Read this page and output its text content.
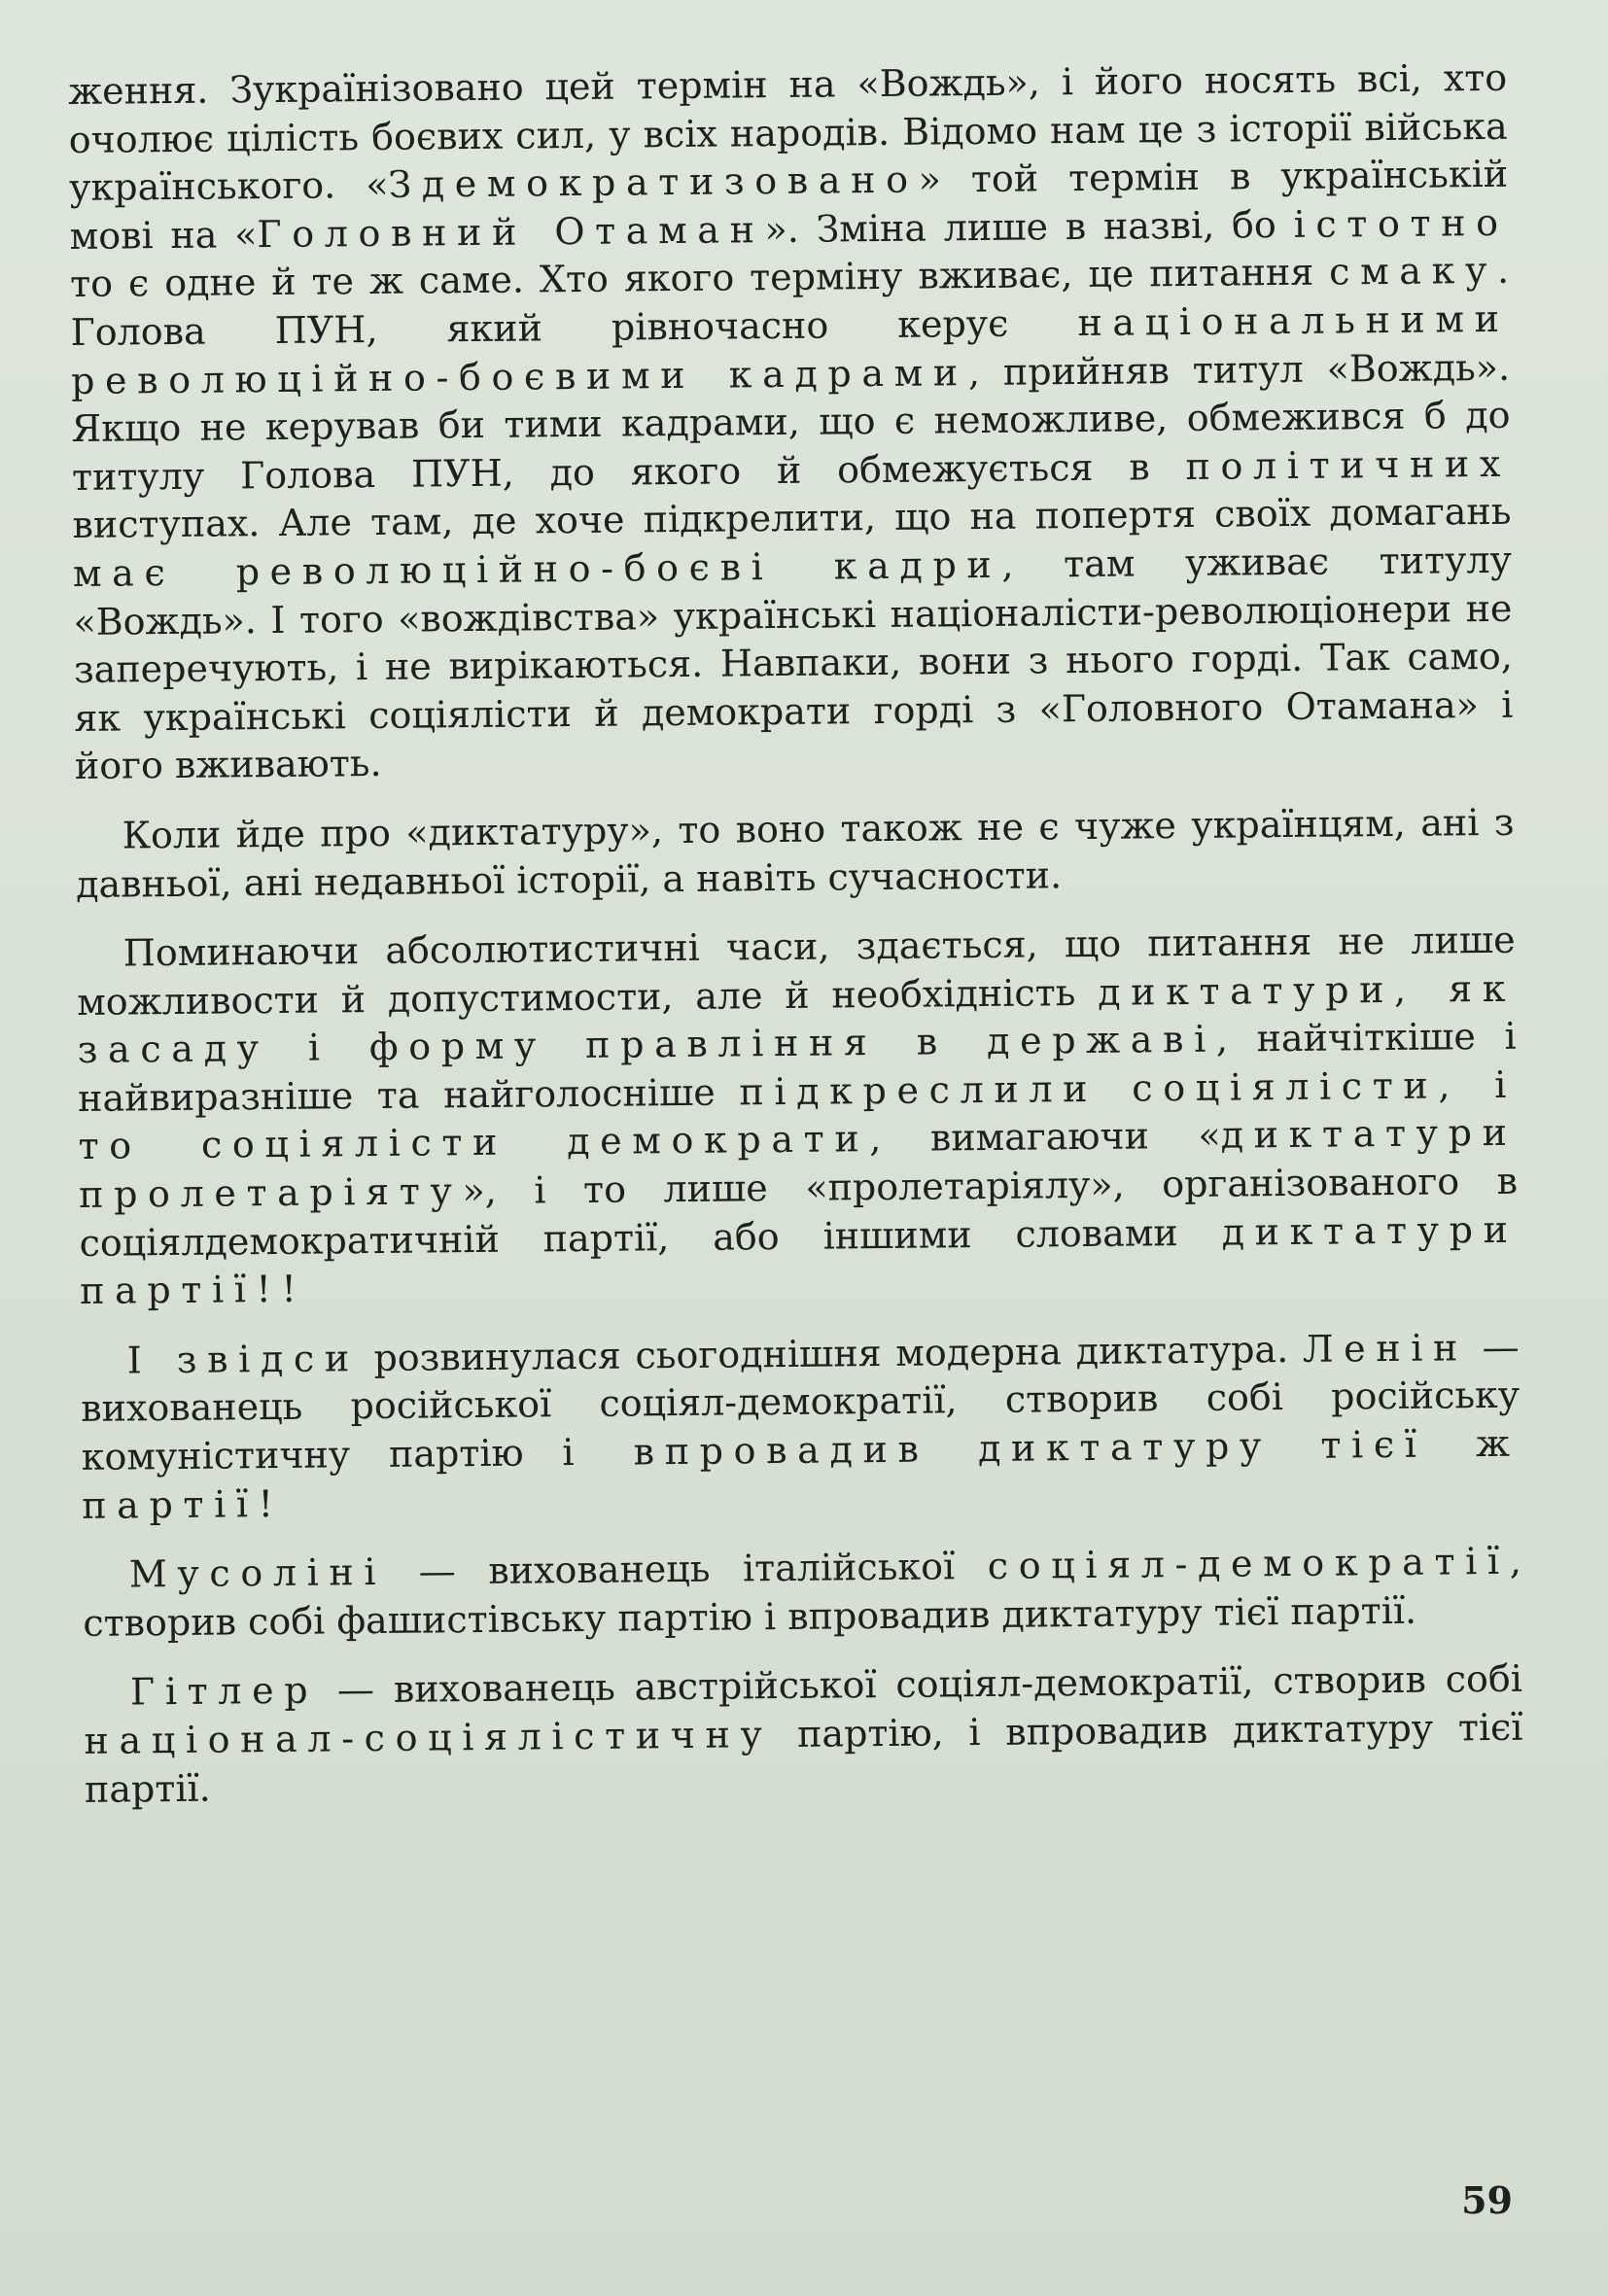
ження. Зукраїнізовано цей термін на «Вождь», і його носять всі, хто очолює цілість боєвих сил, у всіх народів. Відомо нам це з історії війська українського. «Здемократизовано» той термін в українській мові на «Головний Отаман». Зміна лише в назві, бо істотно то є одне й те ж саме. Хто якого терміну вживає, це питання смаку. Голова ПУН, який рівночасно керує національними революційно-боєвими кадрами, прийняв титул «Вождь». Якщо не керував би тими кадрами, що є неможливе, обмежився б до титулу Голова ПУН, до якого й обмежується в політичних виступах. Але там, де хоче підкрелити, що на попертя своїх домагань має революційно-боєві кадри, там уживає титулу «Вождь». І того «вождівства» українські націоналісти-революціонери не заперечують, і не вирікаються. Навпаки, вони з нього горді. Так само, як українські соціялісти й демократи горді з «Головного Отамана» і його вживають.

Коли йде про «диктатуру», то воно також не є чуже українцям, ані з давньої, ані недавньої історії, а навіть сучасности.

Поминаючи абсолютистичні часи, здається, що питання не лише можливости й допустимости, але й необхідність диктатури, як засаду і форму правління в державі, найчіткіше і найвиразніше та найголосніше підкреслили соціялісти, і то соціялісти демократи, вимагаючи «диктатури пролетаріяту», і то лише «пролетаріялу», організованого в соціялдемократичній партії, або іншими словами диктатури партії!!

І звідси розвинулася сьогоднішня модерна диктатура. Ленін — вихованець російської соціял-демократії, створив собі російську комуністичну партію і впровадив диктатуру тієї ж партії!

Мусоліні — вихованець італійської соціял-демократії, створив собі фашистівську партію і впровадив диктатуру тієї партії.

Гітлер — вихованець австрійської соціял-демократії, створив собі націонал-соціялістичну партію, і впровадив диктатуру тієї партії.

59
